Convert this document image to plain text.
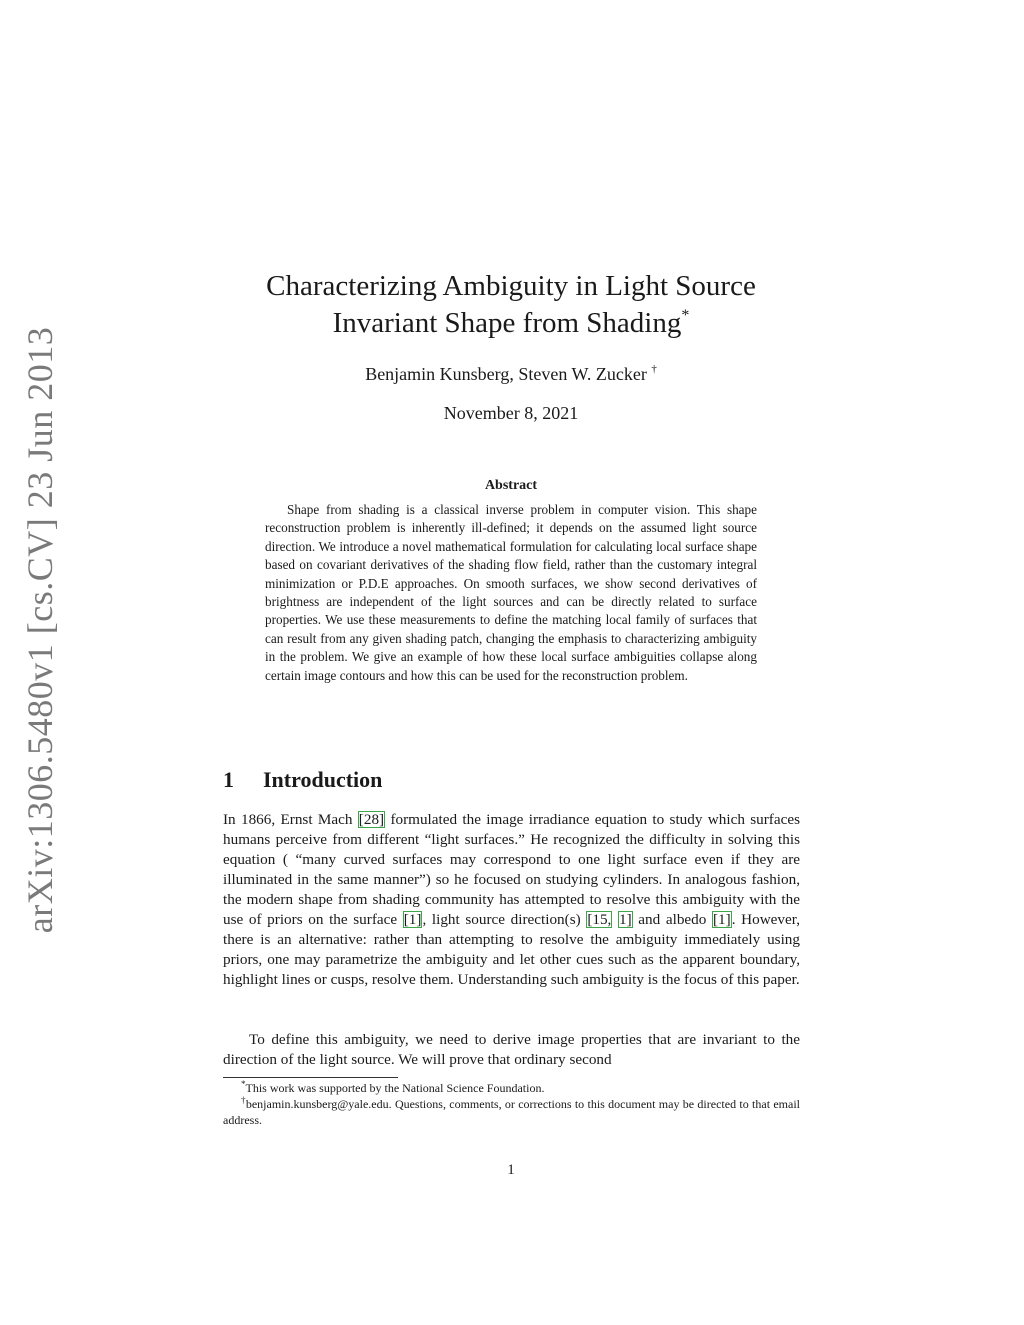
arXiv:1306.5480v1 [cs.CV] 23 Jun 2013
Characterizing Ambiguity in Light Source
Invariant Shape from Shading*
Benjamin Kunsberg, Steven W. Zucker †
November 8, 2021
Abstract

Shape from shading is a classical inverse problem in computer vision. This shape reconstruction problem is inherently ill-defined; it depends on the assumed light source direction. We introduce a novel mathematical formulation for calculating local surface shape based on covariant derivatives of the shading flow field, rather than the customary integral minimization or P.D.E approaches. On smooth surfaces, we show second derivatives of brightness are independent of the light sources and can be directly related to surface properties. We use these measurements to define the matching local family of surfaces that can result from any given shading patch, changing the emphasis to characterizing ambiguity in the problem. We give an example of how these local surface ambiguities collapse along certain image contours and how this can be used for the reconstruction problem.

1 Introduction

In 1866, Ernst Mach [28] formulated the image irradiance equation to study which surfaces humans perceive from different “light surfaces.” He recognized the difficulty in solving this equation ( “many curved surfaces may correspond to one light surface even if they are illuminated in the same manner”) so he focused on studying cylinders. In analogous fashion, the modern shape from shading community has attempted to resolve this ambiguity with the use of priors on the surface [1], light source direction(s) [15, 1] and albedo [1]. However, there is an alternative: rather than attempting to resolve the ambiguity immediately using priors, one may parametrize the ambiguity and let other cues such as the apparent boundary, highlight lines or cusps, resolve them. Understanding such ambiguity is the focus of this paper.

To define this ambiguity, we need to derive image properties that are invariant to the direction of the light source. We will prove that ordinary second

*This work was supported by the National Science Foundation.

†benjamin.kunsberg@yale.edu. Questions, comments, or corrections to this document may be directed to that email address.

1
